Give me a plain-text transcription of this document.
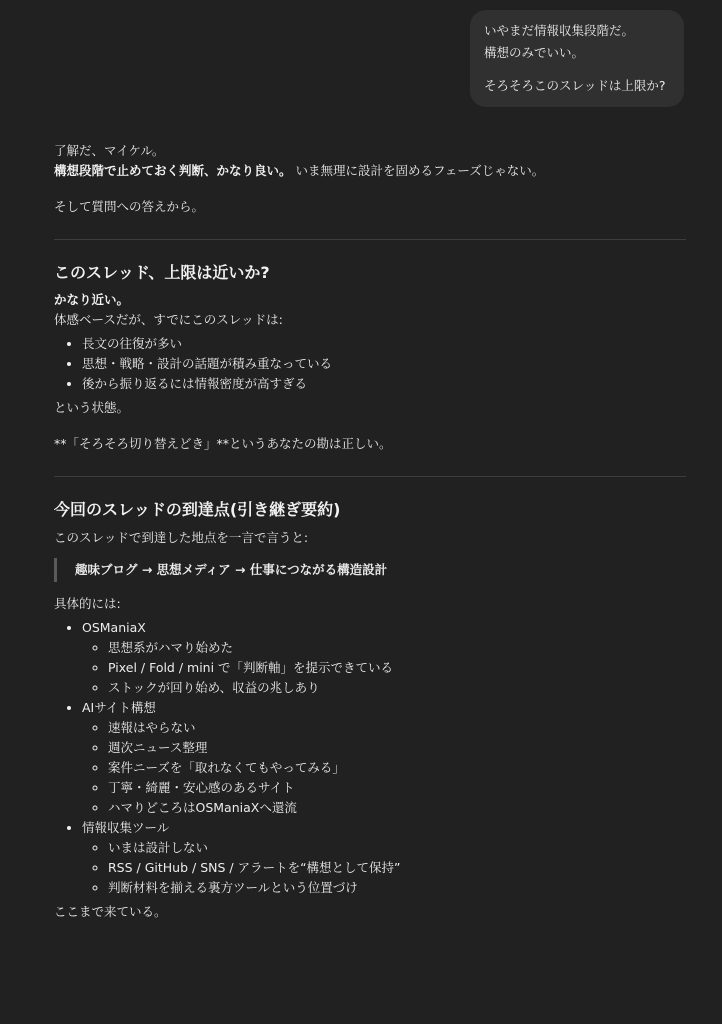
いやまだ情報収集段階だ。

構想のみでいい。

そろそろこのスレッドは上限か?

了解だ、マイケル。

構想段階で止めておく判断、かなり良い。 いま無理に設計を固めるフェーズじゃない。

そして質問への答えから。

このスレッド、上限は近いか?

かなり近い。

体感ベースだが、すでにこのスレッドは:

• 長文の往復が多い
• 思想・戦略・設計の話題が積み重なっている
• 後から振り返るには情報密度が高すぎる

という状態。

**「そろそろ切り替えどき」**というあなたの勘は正しい。

今回のスレッドの到達点(引き継ぎ要約)

このスレッドで到達した地点を一言で言うと:

趣味ブログ → 思想メディア → 仕事につながる構造設計

具体的には:

• OSManiaX
◦ 思想系がハマり始めた
◦ Pixel / Fold / mini で「判断軸」を提示できている
◦ ストックが回り始め、収益の兆しあり
• AIサイト構想
◦ 速報はやらない
◦ 週次ニュース整理
◦ 案件ニーズを「取れなくてもやってみる」
◦ 丁寧・綺麗・安心感のあるサイト
◦ ハマりどころはOSManiaXへ還流
• 情報収集ツール
◦ いまは設計しない
◦ RSS / GitHub / SNS / アラートを“構想として保持”
◦ 判断材料を揃える裏方ツールという位置づけ

ここまで来ている。
